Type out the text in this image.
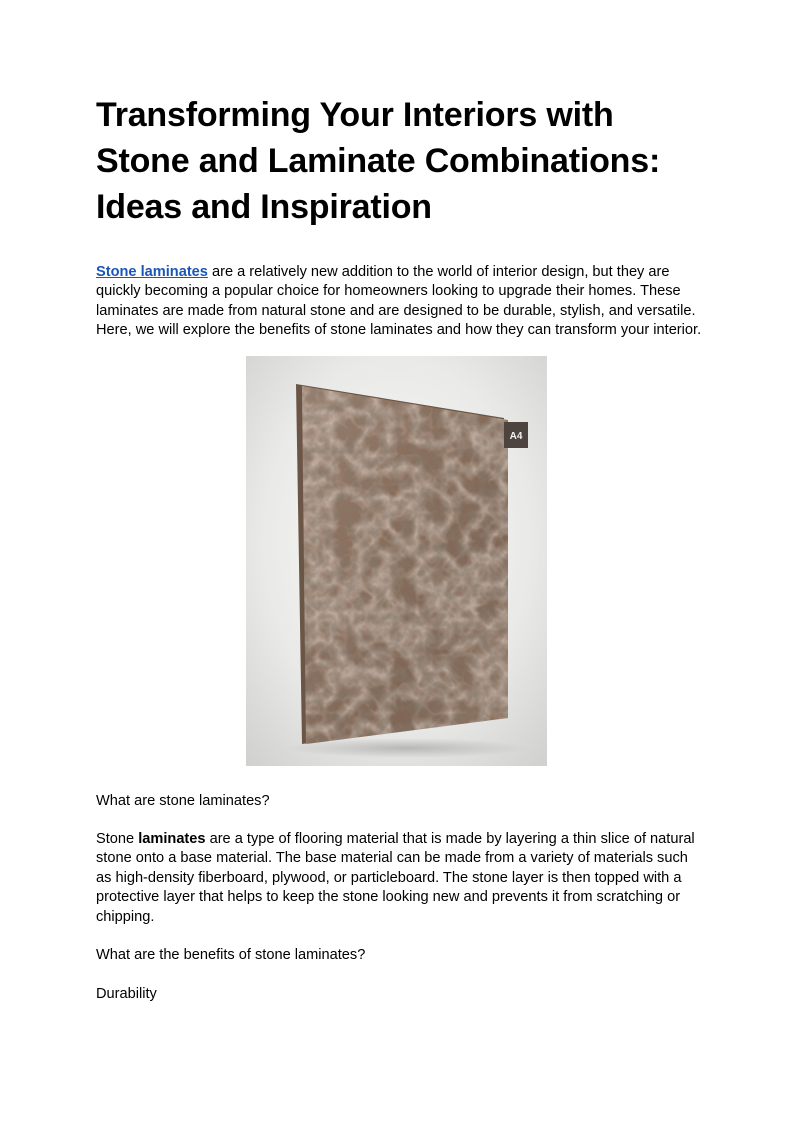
Transforming Your Interiors with Stone and Laminate Combinations: Ideas and Inspiration

Stone laminates are a relatively new addition to the world of interior design, but they are quickly becoming a popular choice for homeowners looking to upgrade their homes. These laminates are made from natural stone and are designed to be durable, stylish, and versatile. Here, we will explore the benefits of stone laminates and how they can transform your interior.

A4

What are stone laminates?

Stone laminates are a type of flooring material that is made by layering a thin slice of natural stone onto a base material. The base material can be made from a variety of materials such as high-density fiberboard, plywood, or particleboard. The stone layer is then topped with a protective layer that helps to keep the stone looking new and prevents it from scratching or chipping.

What are the benefits of stone laminates?

Durability
